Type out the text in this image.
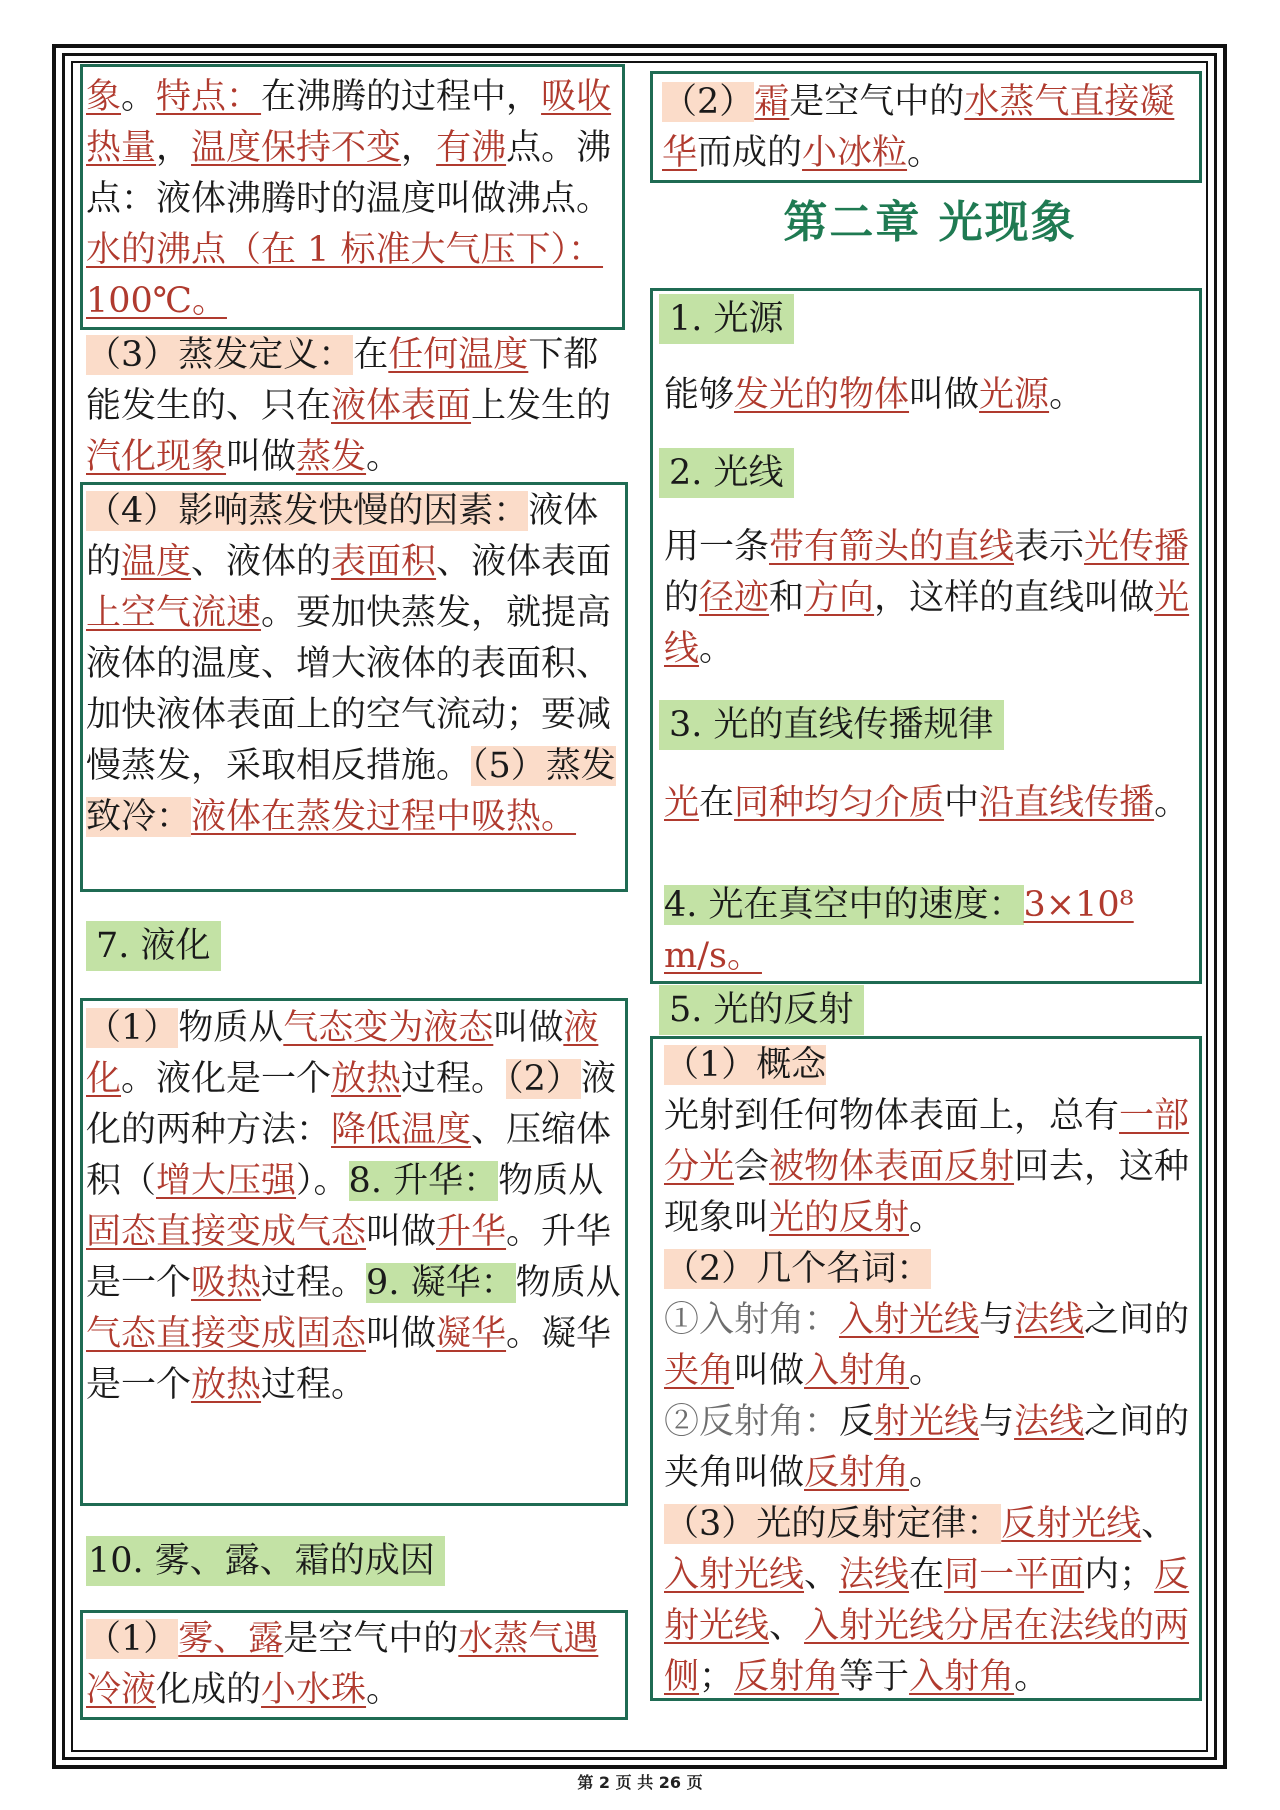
象。特点：在沸腾的过程中，吸收热量，温度保持不变，有沸点。沸点：液体沸腾时的温度叫做沸点。水的沸点（在 1 标准大气压下）：100℃。

（3）蒸发定义：在任何温度下都能发生的、只在液体表面上发生的汽化现象叫做蒸发。

（4）影响蒸发快慢的因素：液体的温度、液体的表面积、液体表面上空气流速。要加快蒸发，就提高液体的温度、增大液体的表面积、加快液体表面上的空气流动；要减慢蒸发，采取相反措施。（5）蒸发致冷：液体在蒸发过程中吸热。

7. 液化

（1）物质从气态变为液态叫做液化。液化是一个放热过程。（2）液化的两种方法：降低温度、压缩体积（增大压强）。8. 升华：物质从固态直接变成气态叫做升华。升华是一个吸热过程。9. 凝华：物质从气态直接变成固态叫做凝华。凝华是一个放热过程。

10. 雾、露、霜的成因

（1）雾、露是空气中的水蒸气遇冷液化成的小水珠。

（2）霜是空气中的水蒸气直接凝华而成的小冰粒。

第二章 光现象
1. 光源

能够发光的物体叫做光源。

2. 光线

用一条带有箭头的直线表示光传播的径迹和方向，这样的直线叫做光线。

3. 光的直线传播规律

光在同种均匀介质中沿直线传播。

4. 光在真空中的速度：3×10⁸ m/s。

5. 光的反射

（1）概念
光射到任何物体表面上，总有一部分光会被物体表面反射回去，这种现象叫光的反射。
（2）几个名词：
①入射角：入射光线与法线之间的夹角叫做入射角。
②反射角：反射光线与法线之间的夹角叫做反射角。
（3）光的反射定律：反射光线、入射光线、法线在同一平面内；反射光线、入射光线分居在法线的两侧；反射角等于入射角。

第 2 页 共 26 页
